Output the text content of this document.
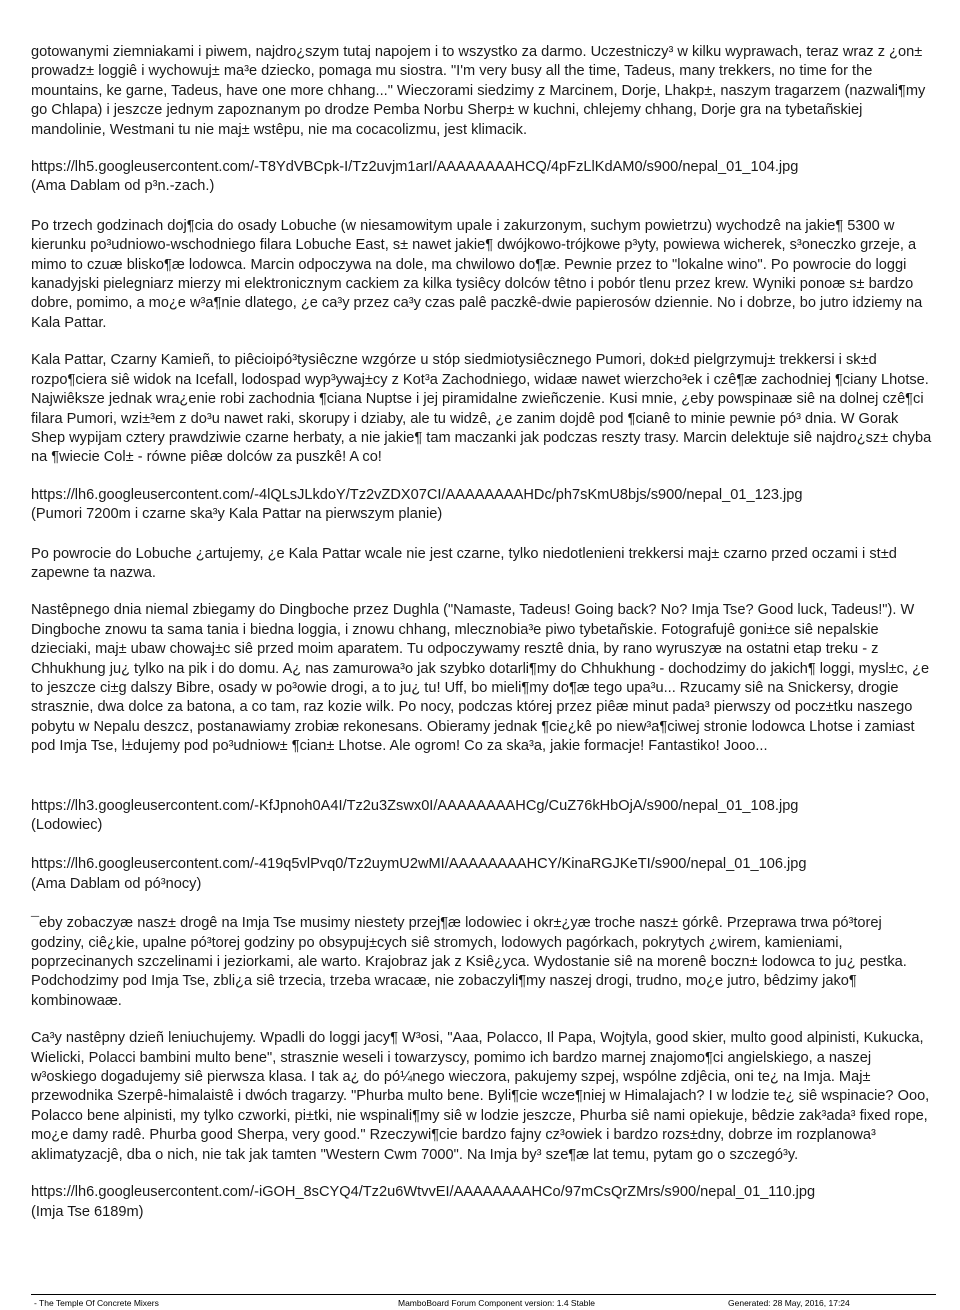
gotowanymi ziemniakami i piwem, najdro¿szym tutaj napojem i to wszystko za darmo. Uczestniczy³ w kilku wyprawach, teraz wraz z ¿on± prowadz± loggiê i wychowuj± ma³e dziecko, pomaga mu siostra. "I'm very busy all the time, Tadeus, many trekkers, no time for the mountains, ke garne, Tadeus, have one more chhang..." Wieczorami siedzimy z Marcinem, Dorje, Lhakp±, naszym tragarzem (nazwali¶my go Chlapa) i jeszcze jednym zapoznanym po drodze Pemba Norbu Sherp± w kuchni, chlejemy chhang, Dorje gra na tybetañskiej mandolinie, Westmani tu nie maj± wstêpu, nie ma cocacolizmu, jest klimacik.

https://lh5.googleusercontent.com/-T8YdVBCpk-I/Tz2uvjm1arI/AAAAAAAAHCQ/4pFzLlKdAM0/s900/nepal_01_104.jpg
(Ama Dablam od p³n.-zach.)

Po trzech godzinach doj¶cia do osady Lobuche (w niesamowitym upale i zakurzonym, suchym powietrzu) wychodzê na jakie¶ 5300 w kierunku po³udniowo-wschodniego filara Lobuche East, s± nawet jakie¶ dwójkowo-trójkowe p³yty, powiewa wicherek, s³oneczko grzeje, a mimo to czuæ blisko¶æ lodowca. Marcin odpoczywa na dole, ma chwilowo do¶æ. Pewnie przez to "lokalne wino". Po powrocie do loggi kanadyjski pielegniarz mierzy mi elektronicznym cackiem za kilka tysiêcy dolców têtno i pobór tlenu przez krew. Wyniki ponoæ s± bardzo dobre, pomimo, a mo¿e w³a¶nie dlatego, ¿e ca³y przez ca³y czas palê paczkê-dwie papierosów dziennie. No i dobrze, bo jutro idziemy na Kala Pattar.

Kala Pattar, Czarny Kamieñ, to piêcioipó³tysiêczne wzgórze u stóp siedmiotysiêcznego Pumori, dok±d pielgrzymuj± trekkersi i sk±d rozpo¶ciera siê widok na Icefall, lodospad wyp³ywaj±cy z Kot³a Zachodniego, widaæ nawet wierzcho³ek i czê¶æ zachodniej ¶ciany Lhotse. Najwiêksze jednak wra¿enie robi zachodnia ¶ciana Nuptse i jej piramidalne zwieñczenie. Kusi mnie, ¿eby powspinaæ siê na dolnej czê¶ci filara Pumori, wzi±³em z do³u nawet raki, skorupy i dziaby, ale tu widzê, ¿e zanim dojdê pod ¶cianê to minie pewnie pó³ dnia. W Gorak Shep wypijam cztery prawdziwie czarne herbaty, a nie jakie¶ tam maczanki jak podczas reszty trasy. Marcin delektuje siê najdro¿sz± chyba na ¶wiecie Col± - równe piêæ dolców za puszkê! A co!

https://lh6.googleusercontent.com/-4lQLsJLkdoY/Tz2vZDX07CI/AAAAAAAAHDc/ph7sKmU8bjs/s900/nepal_01_123.jpg
(Pumori 7200m i czarne ska³y Kala Pattar na pierwszym planie)

Po powrocie do Lobuche ¿artujemy, ¿e Kala Pattar wcale nie jest czarne, tylko niedotlenieni trekkersi maj± czarno przed oczami i st±d zapewne ta nazwa.

Nastêpnego dnia niemal zbiegamy do Dingboche przez Dughla ("Namaste, Tadeus! Going back? No? Imja Tse? Good luck, Tadeus!"). W Dingboche znowu ta sama tania i biedna loggia, i znowu chhang, mlecznobia³e piwo tybetañskie. Fotografujê goni±ce siê nepalskie dzieciaki, maj± ubaw chowaj±c siê przed moim aparatem. Tu odpoczywamy resztê dnia, by rano wyruszyæ na ostatni etap treku - z Chhukhung ju¿ tylko na pik i do domu. A¿ nas zamurowa³o jak szybko dotarli¶my do Chhukhung - dochodzimy do jakich¶ loggi, mysl±c, ¿e to jeszcze ci±g dalszy Bibre, osady w po³owie drogi, a to ju¿ tu! Uff, bo mieli¶my do¶æ tego upa³u... Rzucamy siê na Snickersy, drogie strasznie, dwa dolce za batona, a co tam, raz kozie wilk. Po nocy, podczas której przez piêæ minut pada³ pierwszy od pocz±tku naszego pobytu w Nepalu deszcz, postanawiamy zrobiæ rekonesans. Obieramy jednak ¶cie¿kê po niew³a¶ciwej stronie lodowca Lhotse i zamiast pod Imja Tse, l±dujemy pod po³udniow± ¶cian± Lhotse. Ale ogrom! Co za ska³a, jakie formacje! Fantastiko! Jooo...

https://lh3.googleusercontent.com/-KfJpnoh0A4I/Tz2u3Zswx0I/AAAAAAAAHCg/CuZ76kHbOjA/s900/nepal_01_108.jpg
(Lodowiec)

https://lh6.googleusercontent.com/-419q5vlPvq0/Tz2uymU2wMI/AAAAAAAAHCY/KinaRGJKeTI/s900/nepal_01_106.jpg
(Ama Dablam od pó³nocy)

¯eby zobaczyæ nasz± drogê na Imja Tse musimy niestety przej¶æ lodowiec i okr±¿yæ troche nasz± górkê. Przeprawa trwa pó³torej godziny, ciê¿kie, upalne pó³torej godziny po obsypuj±cych siê stromych, lodowych pagórkach, pokrytych ¿wirem, kamieniami, poprzecinanych szczelinami i jeziorkami, ale warto. Krajobraz jak z Ksiê¿yca. Wydostanie siê na morenê boczn± lodowca to ju¿ pestka. Podchodzimy pod Imja Tse, zbli¿a siê trzecia, trzeba wracaæ, nie zobaczyli¶my naszej drogi, trudno, mo¿e jutro, bêdzimy jako¶ kombinowaæ.

Ca³y nastêpny dzieñ leniuchujemy. Wpadli do loggi jacy¶ W³osi, "Aaa, Polacco, Il Papa, Wojtyla, good skier, multo good alpinisti, Kukucka, Wielicki, Polacci bambini multo bene", strasznie weseli i towarzyscy, pomimo ich bardzo marnej znajomo¶ci angielskiego, a naszej w³oskiego dogadujemy siê pierwsza klasa. I tak a¿ do pó¼nego wieczora, pakujemy szpej, wspólne zdjêcia, oni te¿ na Imja. Maj± przewodnika Szerpê-himalaistê i dwóch tragarzy. "Phurba multo bene. Byli¶cie wcze¶niej w Himalajach? I w lodzie te¿ siê wspinacie? Ooo, Polacco bene alpinisti, my tylko czworki, pi±tki, nie wspinali¶my siê w lodzie jeszcze, Phurba siê nami opiekuje, bêdzie zak³ada³ fixed rope, mo¿e damy radê. Phurba good Sherpa, very good." Rzeczywi¶cie bardzo fajny cz³owiek i bardzo rozs±dny, dobrze im rozplanowa³ aklimatyzacjê, dba o nich, nie tak jak tamten "Western Cwm 7000". Na Imja by³ sze¶æ lat temu, pytam go o szczegó³y.

https://lh6.googleusercontent.com/-iGOH_8sCYQ4/Tz2u6WtvvEI/AAAAAAAAHCo/97mCsQrZMrs/s900/nepal_01_110.jpg
(Imja Tse 6189m)

- The Temple Of Concrete Mixers	MamboBoard Forum Component version: 1.4 Stable	Generated: 28 May, 2016, 17:24
